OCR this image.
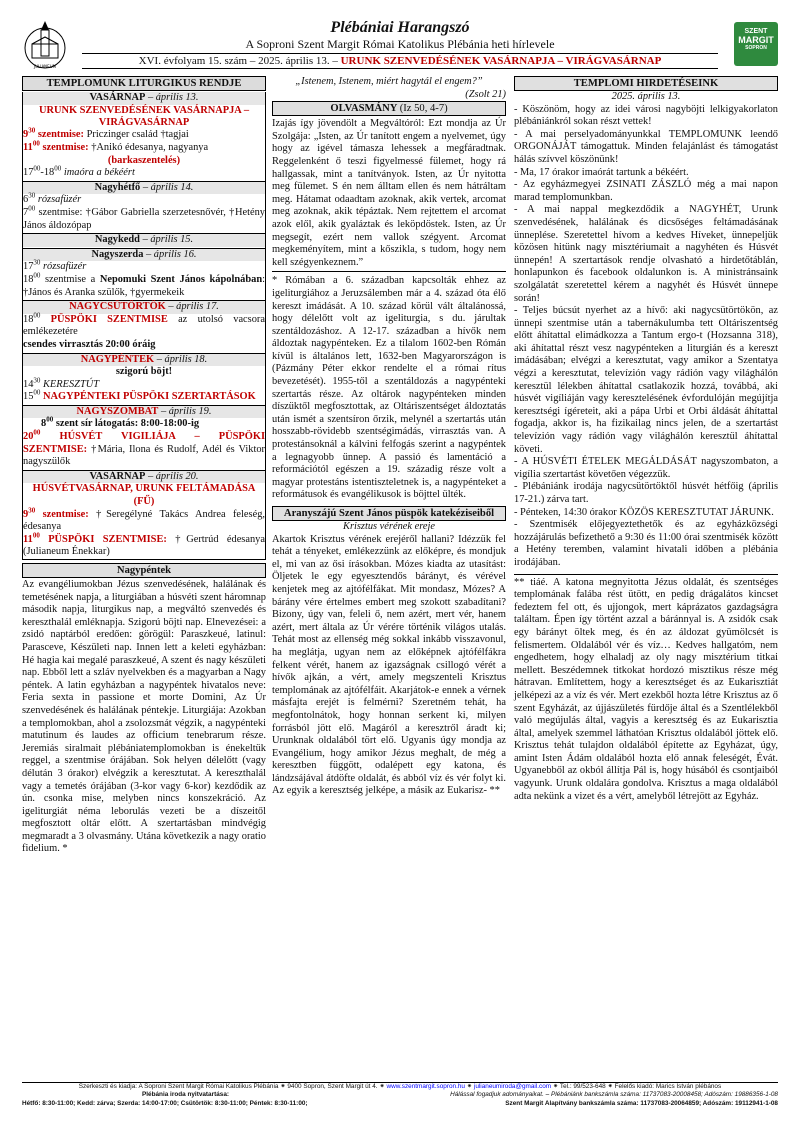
JULIANEUM
Plébániai Harangszó
A Soproni Szent Margit Római Katolikus Plébánia heti hírlevele
XVI. évfolyam 15. szám – 2025. április 13. – URUNK SZENVEDÉSÉNEK VASÁRNAPJA – VIRÁGVASÁRNAP
SZENT
MARGIT
SOPRON
TEMPLOMUNK LITURGIKUS RENDJE
VASÁRNAP – április 13.
URUNK SZENVEDÉSÉNEK VASÁRNAPJA – VIRÁGVASÁRNAP
$9^{30}$ szentmise: Priczinger család †tagjai
$11^{00}$ szentmise: †Anikó édesanya, nagyanya
(barkaszentelés)
$17^{00}-18^{00}$ imaóra a békéért
Nagyhétfő – április 14.
$6^{30}$ rózsafüzér
$7^{00}$ szentmise: †Gábor Gabriella szerzetesnővér, †Hetény János áldozópap
Nagykedd – április 15.
Nagyszerda – április 16.
$17^{30}$ rózsafüzér
$18^{00}$ szentmise a Nepomuki Szent János kápolnában: †János és Aranka szülők, †gyermekeik
NAGYCSÜTÖRTÖK – április 17.
$18^{00}$ PÜSPÖKI SZENTMISE az utolsó vacsora emlékezetére
csendes virrasztás 20:00 óráig
NAGYPÉNTEK – április 18.
szigorú böjt!
$14^{30}$ KERESZTÚT
$15^{00}$ NAGYPÉNTEKI PÜSPÖKI SZERTARTÁSOK
NAGYSZOMBAT – április 19.
$8^{00}$ szent sír látogatás: 8:00-18:00-ig
$20^{00}$ HÚSVÉT VIGILIÁJA – PÜSPÖKI SZENTMISE: †Mária, Ilona és Rudolf, Adél és Viktor nagyszülők
VASÁRNAP – április 20.
HÚSVÉTVASÁRNAP, URUNK FELTÁMADÁSA (FŰ)
$9^{30}$ szentmise: †Seregélyné Takács Andrea feleség, édesanya
$11^{00}$ PÜSPÖKI SZENTMISE: †Gertrúd édesanya (Julianeum Énekkar)
Nagypéntek
Az evangéliumokban Jézus szenvedésének, halálának és temetésének napja, a liturgiában a húsvéti szent háromnap második napja, liturgikus nap, a megváltó szenvedés és kereszthalál emléknapja. Szigorú böjti nap. Elnevezései: a zsidó naptárból eredően: görögül: Paraszkeué, latinul: Parasceve, Készületi nap. Innen lett a keleti egyházban: Hé hagia kai megalé paraszkeué, A szent és nagy készületi nap. Ebből lett a szláv nyelvekben és a magyarban a Nagy péntek. A latin egyházban a nagypéntek hivatalos neve: Feria sexta in passione et morte Domini, Az Úr szenvedésének és halálának péntekje. Liturgiája: Azokban a templomokban, ahol a zsolozsmát végzik, a nagypénteki matutinum és laudes az officium tenebrarum része. Jeremiás siralmait plébániatemplomokban is énekeltük reggel, a szentmise órájában. Sok helyen délelőtt (vagy délután 3 órakor) elvégzik a keresztutat. A kereszthalál vagy a temetés órájában (3-kor vagy 6-kor) kezdődik az ún. csonka mise, melyben nincs konszekráció. Az igeliturgiát néma leborulás vezeti be a díszeitől megfosztott oltár előtt. A szertartásban mindvégig megmaradt a 3 olvasmány. Utána következik a nagy oratio fidelium. *
„Istenem, Istenem, miért hagytál el engem?”
(Zsolt 21)
OLVASMÁNY (Iz 50, 4-7)
Izajás így jövendölt a Megváltóról: Ezt mondja az Úr Szolgája: „Isten, az Úr tanított engem a nyelvemet, úgy hogy az igével támasza lehessek a megfáradtnak. Reggelenként ő teszi figyelmessé fülemet, hogy rá hallgassak, mint a tanítványok. Isten, az Úr nyitotta meg fülemet. S én nem álltam ellen és nem hátráltam meg. Hátamat odaadtam azoknak, akik vertek, arcomat meg azoknak, akik tépáztak. Nem rejtettem el arcomat azok elől, akik gyaláztak és leköpdöstek. Isten, az Úr megsegít, ezért nem vallok szégyent. Arcomat megkeményítem, mint a kősziklа, s tudom, hogy nem kell szégyenkeznem.”
* Rómában a 6. században kapcsolták ehhez az igeliturgiához a Jeruzsálemben már a 4. század óta élő kereszt imádását. A 10. század körül vált általánossá, hogy délelőtt volt az igeliturgia, s du. járultak szentáldozáshoz. A 12-17. században a hívők nem áldoztak nagypénteken. Ez a tilalom 1602-ben Rómán kívül is általános lett, 1632-ben Magyarországon is (Pázmány Péter ekkor rendelte el a római rítus bevezetését). 1955-től a szentáldozás a nagypénteki szertartás része. Az oltárok nagypénteken minden díszüktől megfosztottak, az Oltáriszentséget áldoztatás után ismét a szentsíron őrzik, melynél a szertartás után hosszabb-rövidebb szentségimádás, virrasztás van. A protestánsoknál a kálvini felfogás szerint a nagypéntek a legnagyobb ünnep. A passió és lamentáció a reformációtól egészen a 19. századig része volt a magyar protestáns istentiszteletnek is, a nagypénteket a reformátusok és evangélikusok is böjttel ülték.
Aranyszájú Szent János püspök katekéziseiből
Krisztus vérének ereje
Akartok Krisztus vérének erejéről hallani? Idézzük fel tehát a tényeket, emlékezzünk az előképre, és mondjuk el, mi van az ősi írásokban. Mózes kiadta az utasítást: Öljetek le egy egyesztendős bárányt, és vérével kenjetek meg az ajtófélfákat. Mit mondasz, Mózes? A bárány vére értelmes embert meg szokott szabadítani? Bizony, úgy van, feleli ő, nem azért, mert vér, hanem azért, mert általa az Úr vérére történik világos utalás. Tehát most az ellenség még sokkal inkább visszavonul, ha meglátja, ugyan nem az előképnek ajtófélfákra felkent vérét, hanem az igazságnak csillogó vérét a hívők ajkán, a vért, amely megszenteli Krisztus templomának az ajtófélfáit. Akarjátok-e ennek a vérnek másfajta erejét is felmérni? Szeretném tehát, ha megfontolnátok, hogy honnan serkent ki, milyen forrásból jött elő. Magáról a keresztről áradt ki; Urunknak oldalából tört elő. Ugyanis úgy mondja az Evangélium, hogy amikor Jézus meghalt, de még a keresztben függött, odalépett egy katona, és lándzsájával átdöfte oldalát, és abból víz és vér folyt ki. Az egyik a keresztség jelképe, a másik az Eukarisz- **
TEMPLOMI HIRDETÉSEINK
2025. április 13.
- Köszönöm, hogy az idei városi nagyböjti lelkigyakorlaton plébániánkról sokan részt vettek!
- A mai perselyadományunkkal TEMPLOMUNK leendő ORGONÁJÁT támogattuk. Minden felajánlást és támogatást hálás szívvel köszönünk!
- Ma, 17 órakor imaórát tartunk a békéért.
- Az egyházmegyei ZSINATI ZÁSZLÓ még a mai napon marad templomunkban.
- A mai nappal megkezdődik a NAGYHÉT, Urunk szenvedésének, halálának és dicsőséges feltámadásának ünneplése. Szeretettel hívom a kedves Híveket, ünnepeljük közösen hitünk nagy misztériumait a nagyhéten és Húsvét ünnepén! A szertartások rendje olvasható a hirdetőtáblán, honlapunkon és facebook oldalunkon is. A ministránsaink szolgálatát szeretettel kérem a nagyhét és Húsvét ünnepe során!
- Teljes búcsút nyerhet az a hívő: aki nagycsütörtökön, az ünnepi szentmise után a tabernákulumba tett Oltáriszentség előtt áhítattal elimádkozza a Tantum ergo-t (Hozsanna 318), aki áhítattal részt vesz nagypénteken a liturgián és a kereszt imádásában; elvégzi a keresztutat, vagy amikor a Szentatya végzi a keresztutat, televízión vagy rádión vagy világhálón keresztül lélekben áhítattal csatlakozik hozzá, továbbá, aki húsvét vigíliáján vagy keresztelésének évfordulóján megújítja keresztségi ígéreteit, aki a pápa Urbi et Orbi áldását áhítattal fogadja, akkor is, ha fizikailag nincs jelen, de a szertartást televízión vagy rádión vagy világhálón keresztül áhítattal követi.
- A HÚSVÉTI ÉTELEK MEGÁLDÁSÁT nagyszombaton, a vigília szertartást követően végezzük.
- Plébániánk irodája nagycsütörtöktől húsvét hétfőig (április 17-21.) zárva tart.
- Pénteken, 14:30 órakor KÖZÖS KERESZTUTAT JÁRUNK.
- Szentmisék előjegyeztethetők és az egyházközségi hozzájárulás befizethető a 9:30 és 11:00 órai szentmisék között a Hetény teremben, valamint hivatali időben a plébánia irodájában.
** tiáé. A katona megnyitotta Jézus oldalát, és szentséges templomának falába rést ütött, en pedig drágalátos kincset fedeztem fel ott, és ujjongok, mert káprázatos gazdagságra találtam. Épen így történt azzal a báránnyal is. A zsidók csak egy bárányt öltek meg, és én az áldozat gyümölcsét is felismertem. Oldalából vér és víz… Kedves hallgatóm, nem engedhetem, hogy elhaladj az oly nagy misztérium titkai mellett. Beszédemnek titkokat hordozó misztikus része még hátravan. Említettem, hogy a keresztséget és az Eukarisztiát jelképezi az a víz és vér. Mert ezekből hozta létre Krisztus az ő szent Egyházát, az újjászületés fürdője által és a Szentlélekből való megújulás által, vagyis a keresztség és az Eukarisztia által, amelyek szemmel láthatóan Krisztus oldalából jöttek elő. Krisztus tehát tulajdon oldalából építette az Egyházat, úgy, amint Isten Ádám oldalából hozta elő annak feleségét, Évát. Ugyanebből az okból állítja Pál is, hogy húsából és csontjaiból vagyunk. Urunk oldalára gondolva. Krisztus a maga oldalából adta nekünk a vizet és a vért, amelyből létrejött az Egyház.
Szerkeszti és kiadja: A Soproni Szent Margit Római Katolikus Plébánia ⁕ 9400 Sopron, Szent Margit út 4. ⁕ www.szentmargit.sopron.hu ⁕ julianeumiroda@gmail.com ⁕ Tel.: 99/523-648 ⁕ Felelős kiadó: Marics István plébános
Plébánia iroda nyitvatartása:	Hálással fogadjuk adományaikat. – Plébániánk bankszámla száma: 11737083-20008458; Adószám: 19886356-1-08
Hétfő: 8:30-11:00; Kedd: zárva; Szerda: 14:00-17:00; Csütörtök: 8:30-11:00; Péntek: 8:30-11:00;	Szent Margit Alapítvány bankszámla száma: 11737083-20064859; Adószám: 19112941-1-08
